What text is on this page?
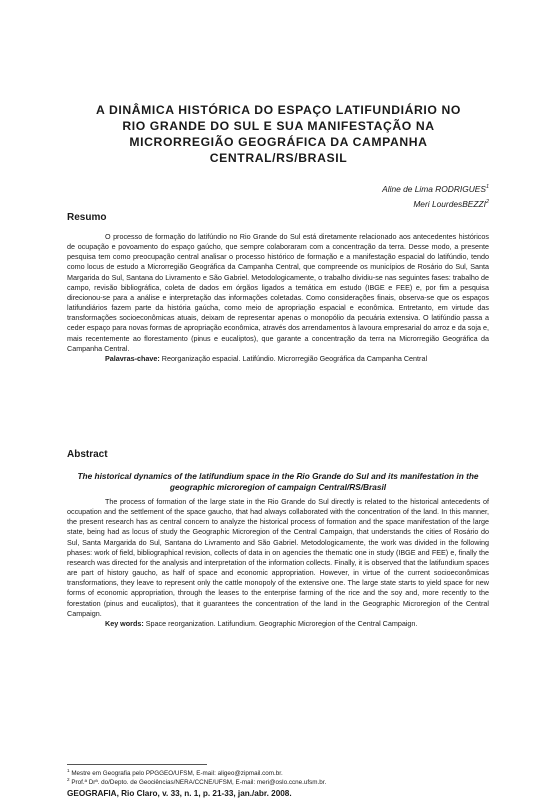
A DINÂMICA HISTÓRICA DO ESPAÇO LATIFUNDIÁRIO NO
RIO GRANDE DO SUL E SUA MANIFESTAÇÃO NA
MICRORREGIÃO GEOGRÁFICA DA CAMPANHA
CENTRAL/RS/BRASIL
Aline de Lima RODRIGUES$^1$
Meri LourdesBEZZI$^2$
Resumo

O processo de formação do latifúndio no Rio Grande do Sul está diretamente relacionado aos antecedentes históricos de ocupação e povoamento do espaço gaúcho, que sempre colaboraram com a concentração da terra. Desse modo, a presente pesquisa tem como preocupação central analisar o processo histórico de formação e a manifestação espacial do latifúndio, tendo como locus de estudo a Microrregião Geográfica da Campanha Central, que compreende os municípios de Rosário do Sul, Santa Margarida do Sul, Santana do Livramento e São Gabriel. Metodologicamente, o trabalho dividiu-se nas seguintes fases: trabalho de campo, revisão bibliográfica, coleta de dados em órgãos ligados a temática em estudo (IBGE e FEE) e, por fim a pesquisa direcionou-se para a análise e interpretação das informações coletadas. Como considerações finais, observa-se que os espaços latifundiários fazem parte da história gaúcha, como meio de apropriação espacial e econômica. Entretanto, em virtude das transformações socioeconômicas atuais, deixam de representar apenas o monopólio da pecuária extensiva. O latifúndio passa a ceder espaço para novas formas de apropriação econômica, através dos arrendamentos à lavoura empresarial do arroz e da soja e, mais recentemente ao florestamento (pinus e eucaliptos), que garante a concentração da terra na Microrregião Geográfica da Campanha Central.

Palavras-chave: Reorganização espacial. Latifúndio. Microrregião Geográfica da Campanha Central

Abstract
The historical dynamics of the latifundium space in the Rio Grande do Sul and its manifestation in the geographic microregion of campaign Central/RS/Brasil

The process of formation of the large state in the Rio Grande do Sul directly is related to the historical antecedents of occupation and the settlement of the space gaucho, that had always collaborated with the concentration of the land. In this manner, the present research has as central concern to analyze the historical process of formation and the space manifestation of the large state, being had as locus of study the Geographic Microregion of the Central Campaign, that understands the cities of Rosário do Sul, Santa Margarida do Sul, Santana do Livramento and São Gabriel. Metodologicamente, the work was divided in the following phases: work of field, bibliographical revision, collects of data in on agencies the thematic one in study (IBGE and FEE) e, finally the research was directed for the analysis and interpretation of the information collects. Finally, it is observed that the latifundium spaces are part of history gaucho, as half of space and economic appropriation. However, in virtue of the current socioeconômicas transformations, they leave to represent only the cattle monopoly of the extensive one. The large state starts to yield space for new forms of economic appropriation, through the leases to the enterprise farming of the rice and the soy and, more recently to the forestation (pinus and eucaliptos), that it guarantees the concentration of the land in the Geographic Microregion of the Central Campaign.

Key words: Space reorganization. Latifundium. Geographic Microregion of the Central Campaign.

$^1$ Mestre em Geografia pelo PPGGEO/UFSM, E-mail: aligeo@zipmail.com.br.
$^2$ Prof.ª Drª. do/Depto. de Geociências/NERA/CCNE/UFSM, E-mail: meri@oslo.ccne.ufsm.br.
GEOGRAFIA, Rio Claro, v. 33, n. 1, p. 21-33, jan./abr. 2008.
